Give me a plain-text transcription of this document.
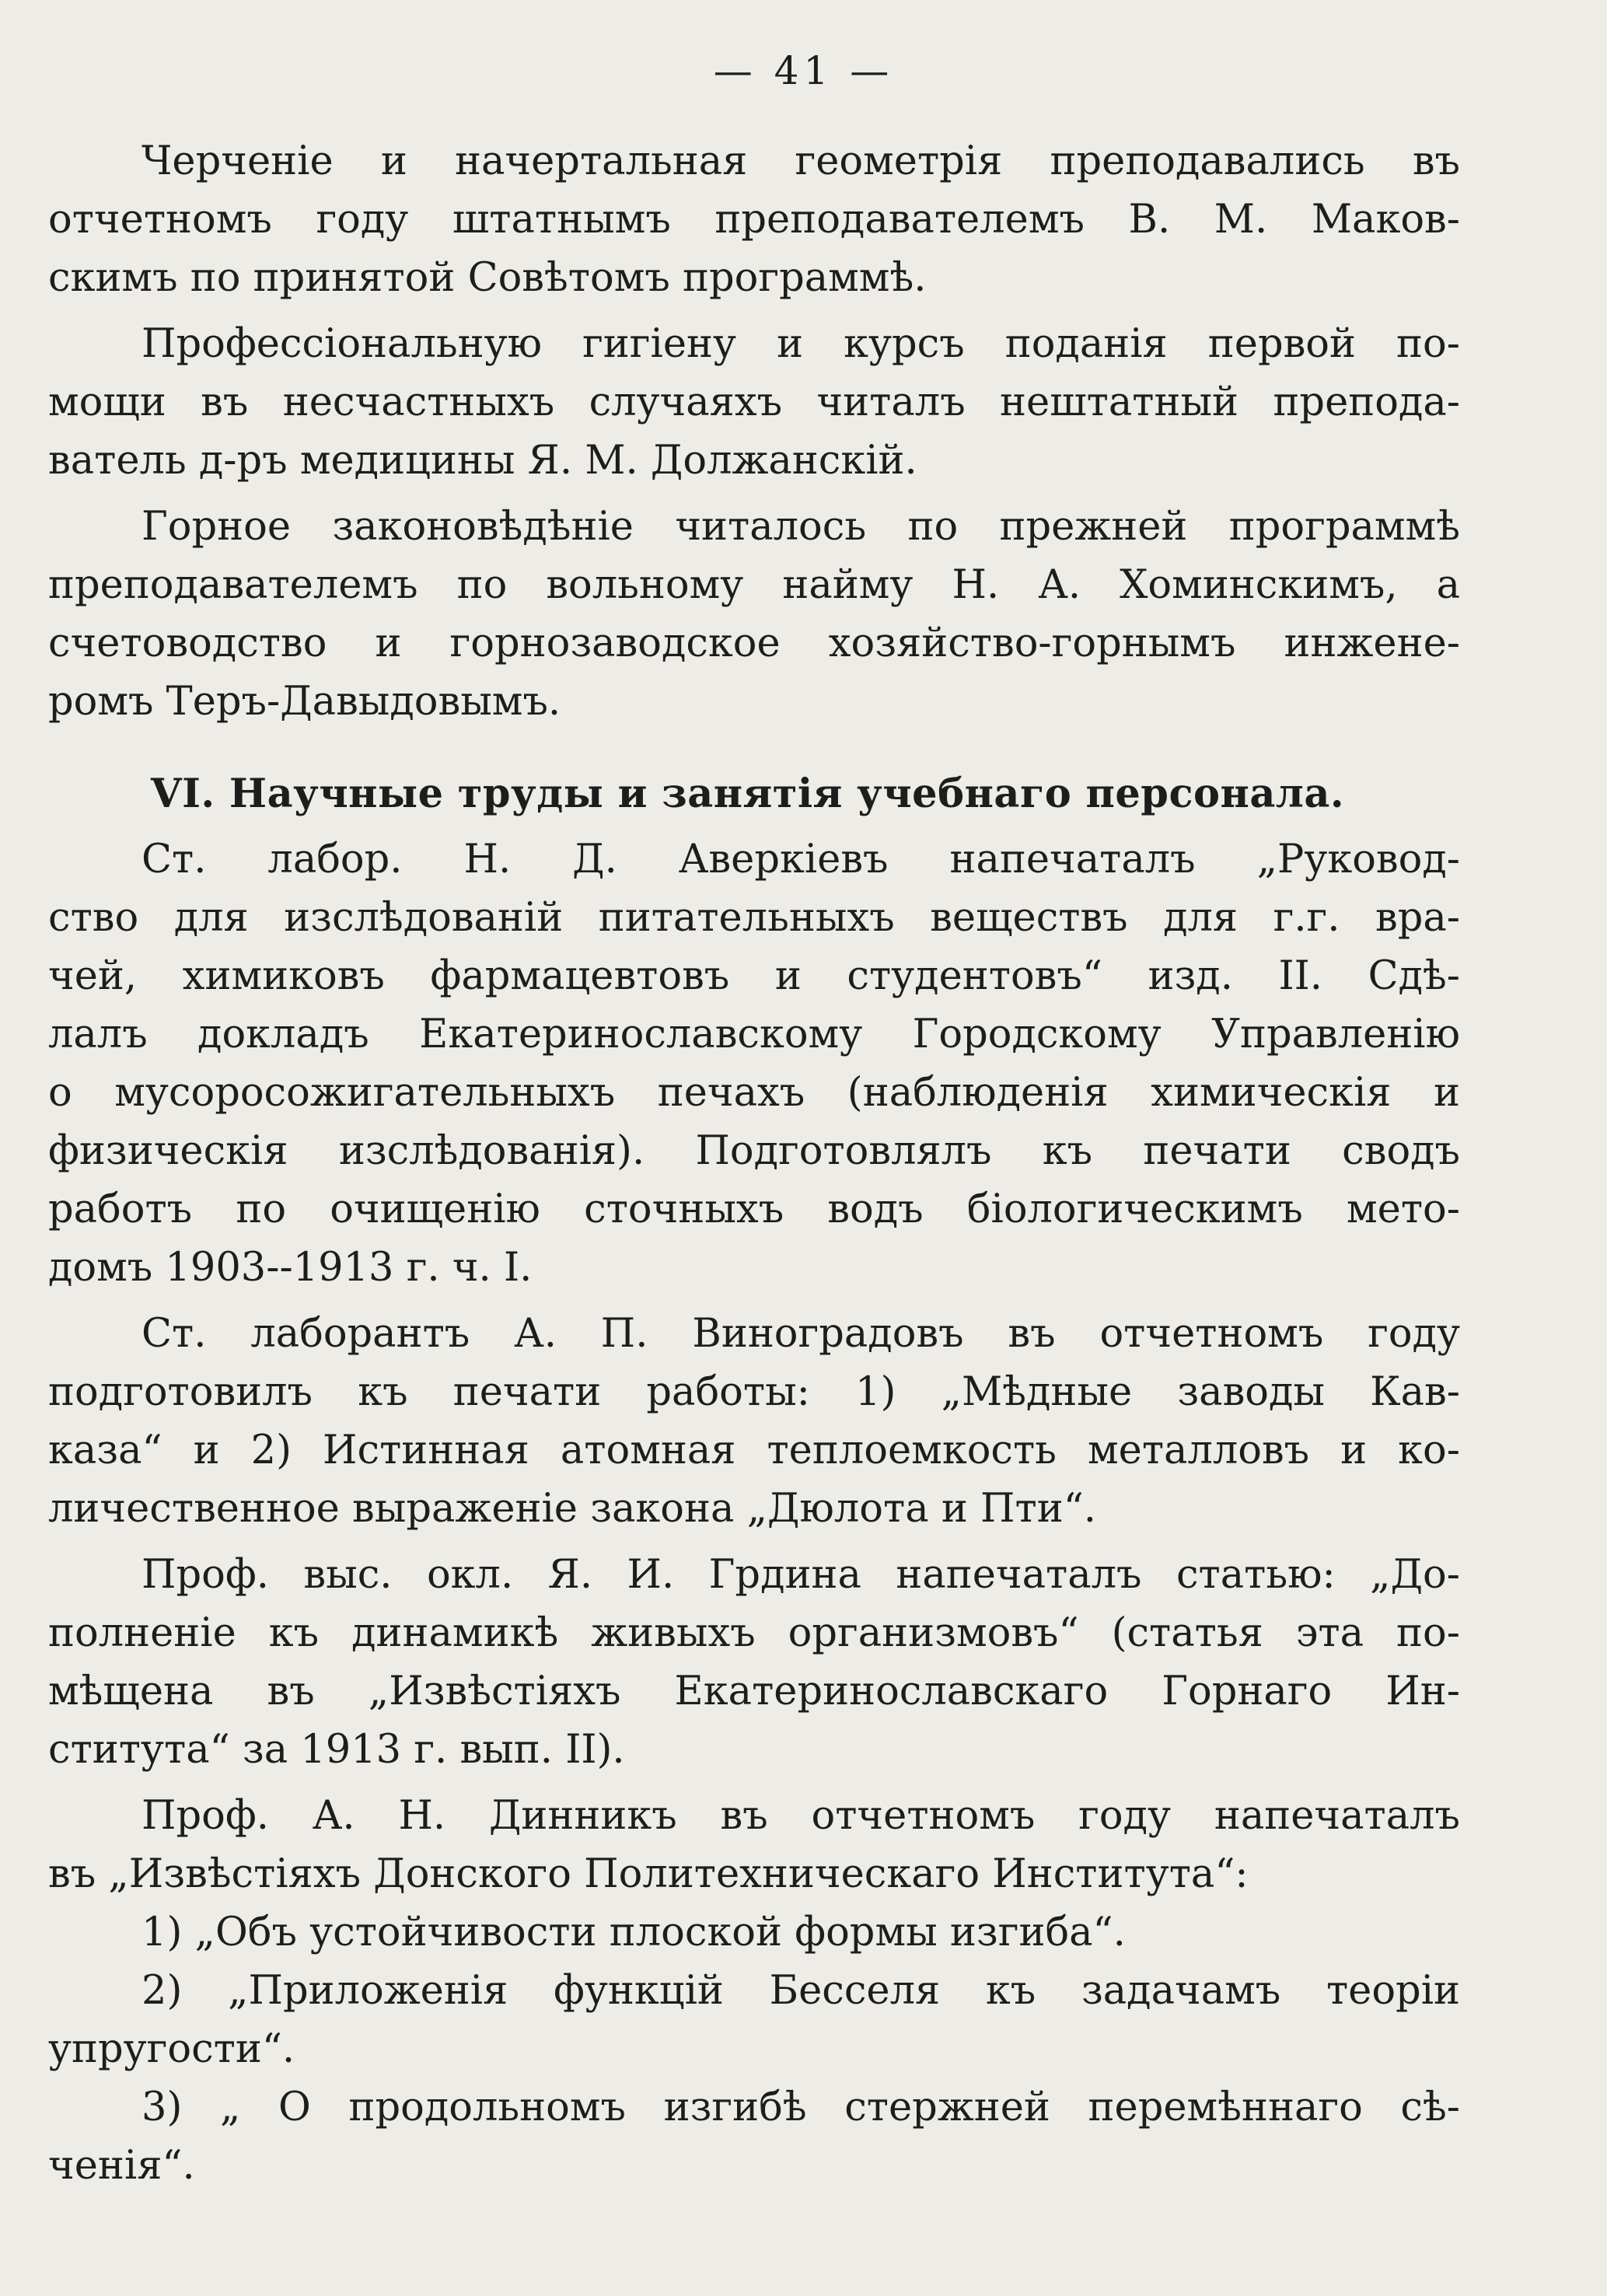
— 41 —
Черченіе и начертальная геометрія преподавались въ
отчетномъ году штатнымъ преподавателемъ В. М. Маков-
скимъ по принятой Совѣтомъ программѣ.
Профессіональную гигіену и курсъ поданія первой по-
мощи въ несчастныхъ случаяхъ читалъ нештатный препода-
ватель д-ръ медицины Я. М. Должанскій.
Горное законовѣдѣніе читалось по прежней программѣ
преподавателемъ по вольному найму Н. А. Хоминскимъ, а
счетоводство и горнозаводское хозяйство-горнымъ инжене-
ромъ Теръ-Давыдовымъ.
VI. Научные труды и занятія учебнаго персонала.
Ст. лабор. Н. Д. Аверкіевъ напечаталъ „Руковод-
ство для изслѣдованій питательныхъ веществъ для г.г. вра-
чей, химиковъ фармацевтовъ и студентовъ“ изд. II. Сдѣ-
лалъ докладъ Екатеринославскому Городскому Управленію
о мусоросожигательныхъ печахъ (наблюденія химическія и
физическія изслѣдованія). Подготовлялъ къ печати сводъ
работъ по очищенію сточныхъ водъ біологическимъ мето-
домъ 1903--1913 г. ч. I.
Ст. лаборантъ А. П. Виноградовъ въ отчетномъ году
подготовилъ къ печати работы: 1) „Мѣдные заводы Кав-
каза“ и 2) Истинная атомная теплоемкость металловъ и ко-
личественное выраженіе закона „Дюлота и Пти“.
Проф. выс. окл. Я. И. Грдина напечаталъ статью: „До-
полненіе къ динамикѣ живыхъ организмовъ“ (статья эта по-
мѣщена въ „Извѣстіяхъ Екатеринославскаго Горнаго Ин-
ститута“ за 1913 г. вып. II).
Проф. А. Н. Динникъ въ отчетномъ году напечаталъ
въ „Извѣстіяхъ Донского Политехническаго Института“:
1) „Объ устойчивости плоской формы изгиба“.
2) „Приложенія функцій Бесселя къ задачамъ теоріи
упругости“.
3) „ О продольномъ изгибѣ стержней перемѣннаго сѣ-
ченія“.
